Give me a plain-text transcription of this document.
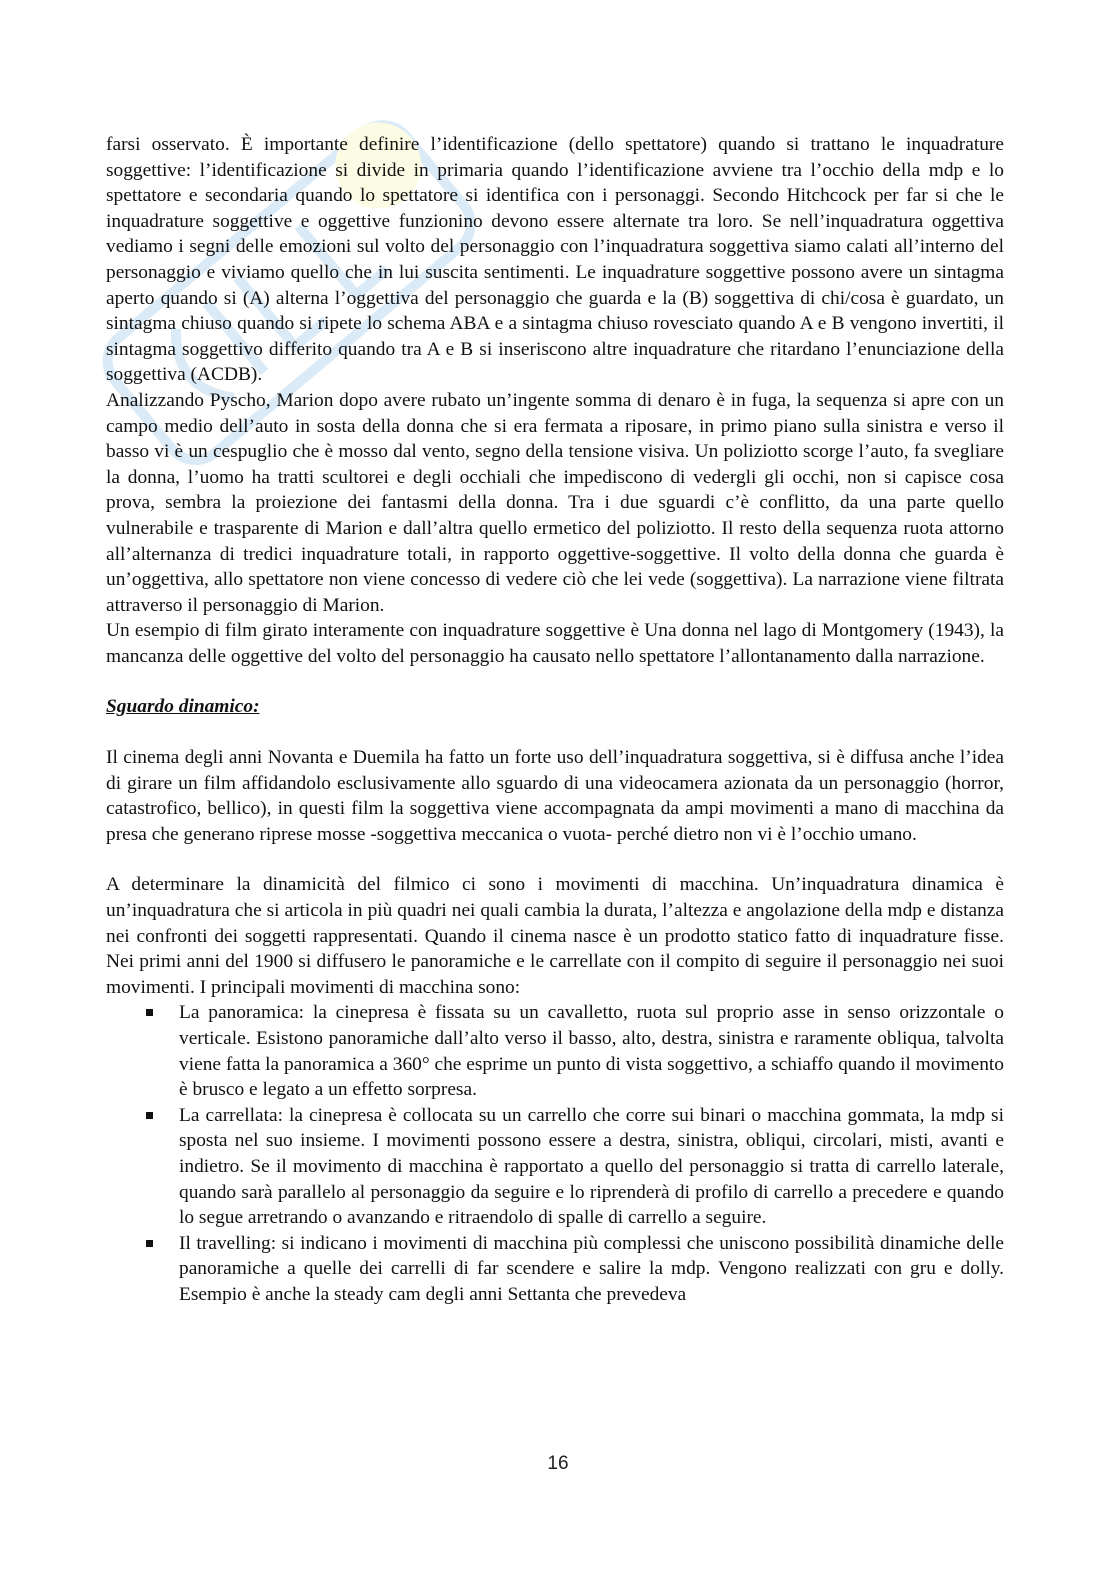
farsi osservato. È importante definire l’identificazione (dello spettatore) quando si trattano le inquadrature soggettive: l’identificazione si divide in primaria quando l’identificazione avviene tra l’occhio della mdp e lo spettatore e secondaria quando lo spettatore si identifica con i personaggi. Secondo Hitchcock per far si che le inquadrature soggettive e oggettive funzionino devono essere alternate tra loro. Se nell’inquadratura oggettiva vediamo i segni delle emozioni sul volto del personaggio con l’inquadratura soggettiva siamo calati all’interno del personaggio e viviamo quello che in lui suscita sentimenti. Le inquadrature soggettive possono avere un sintagma aperto quando si (A) alterna l’oggettiva del personaggio che guarda e la (B) soggettiva di chi/cosa è guardato, un sintagma chiuso quando si ripete lo schema ABA e a sintagma chiuso rovesciato quando A e B vengono invertiti, il sintagma soggettivo differito quando tra A e B si inseriscono altre inquadrature che ritardano l’enunciazione della soggettiva (ACDB).

Analizzando Pyscho, Marion dopo avere rubato un’ingente somma di denaro è in fuga, la sequenza si apre con un campo medio dell’auto in sosta della donna che si era fermata a riposare, in primo piano sulla sinistra e verso il basso vi è un cespuglio che è mosso dal vento, segno della tensione visiva. Un poliziotto scorge l’auto, fa svegliare la donna, l’uomo ha tratti scultorei e degli occhiali che impediscono di vedergli gli occhi, non si capisce cosa prova, sembra la proiezione dei fantasmi della donna. Tra i due sguardi c’è conflitto, da una parte quello vulnerabile e trasparente di Marion e dall’altra quello ermetico del poliziotto. Il resto della sequenza ruota attorno all’alternanza di tredici inquadrature totali, in rapporto oggettive-soggettive. Il volto della donna che guarda è un’oggettiva, allo spettatore non viene concesso di vedere ciò che lei vede (soggettiva). La narrazione viene filtrata attraverso il personaggio di Marion.

Un esempio di film girato interamente con inquadrature soggettive è Una donna nel lago di Montgomery (1943), la mancanza delle oggettive del volto del personaggio ha causato nello spettatore l’allontanamento dalla narrazione.

Sguardo dinamico:

Il cinema degli anni Novanta e Duemila ha fatto un forte uso dell’inquadratura soggettiva, si è diffusa anche l’idea di girare un film affidandolo esclusivamente allo sguardo di una videocamera azionata da un personaggio (horror, catastrofico, bellico), in questi film la soggettiva viene accompagnata da ampi movimenti a mano di macchina da presa che generano riprese mosse -soggettiva meccanica o vuota- perché dietro non vi è l’occhio umano.

A determinare la dinamicità del filmico ci sono i movimenti di macchina. Un’inquadratura dinamica è un’inquadratura che si articola in più quadri nei quali cambia la durata, l’altezza e angolazione della mdp e distanza nei confronti dei soggetti rappresentati. Quando il cinema nasce è un prodotto statico fatto di inquadrature fisse. Nei primi anni del 1900 si diffusero le panoramiche e le carrellate con il compito di seguire il personaggio nei suoi movimenti. I principali movimenti di macchina sono:

La panoramica: la cinepresa è fissata su un cavalletto, ruota sul proprio asse in senso orizzontale o verticale. Esistono panoramiche dall’alto verso il basso, alto, destra, sinistra e raramente obliqua, talvolta viene fatta la panoramica a 360° che esprime un punto di vista soggettivo, a schiaffo quando il movimento è brusco e legato a un effetto sorpresa.
La carrellata: la cinepresa è collocata su un carrello che corre sui binari o macchina gommata, la mdp si sposta nel suo insieme. I movimenti possono essere a destra, sinistra, obliqui, circolari, misti, avanti e indietro. Se il movimento di macchina è rapportato a quello del personaggio si tratta di carrello laterale, quando sarà parallelo al personaggio da seguire e lo riprenderà di profilo di carrello a precedere e quando lo segue arretrando o avanzando e ritraendolo di spalle di carrello a seguire.
Il travelling: si indicano i movimenti di macchina più complessi che uniscono possibilità dinamiche delle panoramiche a quelle dei carrelli di far scendere e salire la mdp. Vengono realizzati con gru e dolly. Esempio è anche la steady cam degli anni Settanta che prevedeva
16
